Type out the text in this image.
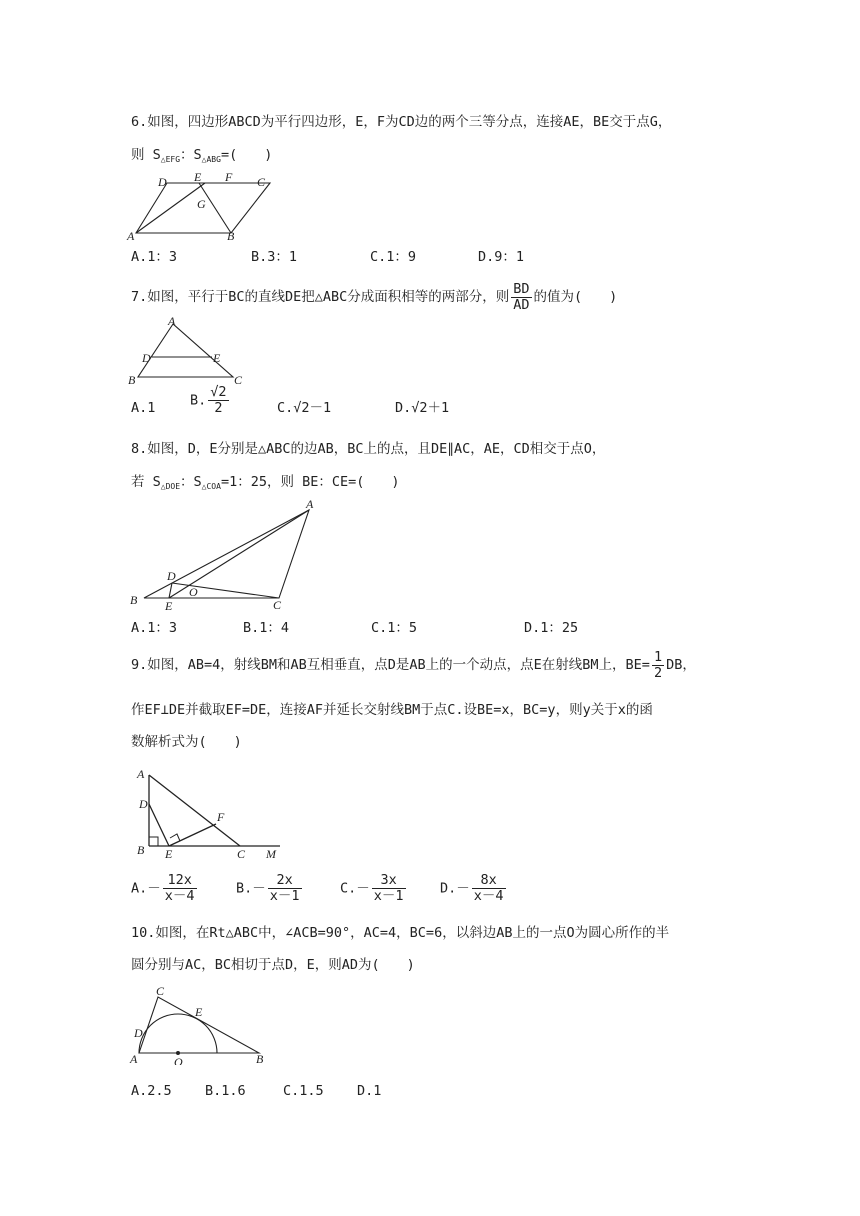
6.如图，四边形ABCD为平行四边形，E，F为CD边的两个三等分点，连接AE，BE交于点G，
则 $S_{\triangle EFG}$：$S_{\triangle ABG}=$(　　)
A	B
C
D E F
G
A.1：3	B.3：1	C.1：9	D.9：1
7.如图，平行于BC的直线DE把△ABC分成面积相等的两部分，则 $\frac{BD}{AD}$ 的值为(　　)
A
B	C
D	E
A.1	B. $\frac{√2}{2}$	C.√2－1	D.√2＋1
8.如图，D，E分别是△ABC的边AB，BC上的点，且DE∥AC，AE，CD相交于点O，
若 $S_{\triangle DOE}$：$S_{\triangle COA}=1$：25，则 BE：CE=(　　)
A
B	C
D
E
O
A.1：3	B.1：4	C.1：5	D.1：25
9.如图，AB=4，射线BM和AB互相垂直，点D是AB上的一个动点，点E在射线BM上，$BE= \frac{1}{2}$ DB，
作EF⊥DE并截取EF=DE，连接AF并延长交射线BM于点C.设BE=x，BC=y，则y关于x的函
数解析式为(　　)
A
B	C
D
E
F
M
$A.- \frac{12x}{x-4}$	$B.- \frac{2x}{x-1}$	$C.- \frac{3x}{x-1}$	$D.- \frac{8x}{x-4}$
10.如图，在Rt△ABC中，∠ACB=90°，AC=4，BC=6，以斜边AB上的一点O为圆心所作的半
圆分别与AC，BC相切于点D，E，则AD为(　　)
A	B
C
D
E
O
A.2.5 B.1.6	C.1.5 D.1
